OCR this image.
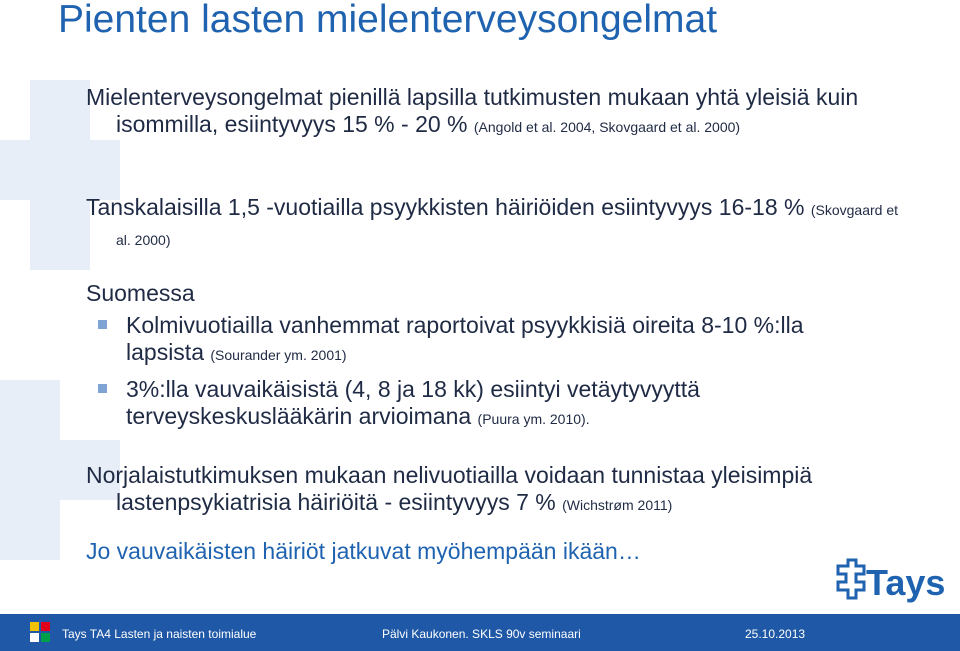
Pienten lasten mielenterveysongelmat
Mielenterveysongelmat pienillä lapsilla tutkimusten mukaan yhtä yleisiä kuin isommilla, esiintyvyys 15 % - 20 % (Angold et al. 2004, Skovgaard et al. 2000)
Tanskalaisilla 1,5 -vuotiailla psyykkisten häiriöiden esiintyvyys 16-18 % (Skovgaard et al. 2000)
Suomessa
Kolmivuotiailla vanhemmat raportoivat psyykkisiä oireita 8-10 %:lla lapsista (Sourander ym. 2001)
3%:lla vauvaikäisistä (4, 8 ja 18 kk) esiintyi vetäytyvyyttä terveyskeskuslääkärin arvioimana (Puura ym. 2010).
Norjalaistutkimuksen mukaan nelivuotiailla voidaan tunnistaa yleisimpiä lastenpsykiatrisia häiriöitä - esiintyvyys 7 % (Wichstrøm 2011)
Jo vauvaikäisten häiriöt jatkuvat myöhempään ikään…
Tays
Tays TA4 Lasten ja naisten toimialue	Pälvi Kaukonen. SKLS 90v seminaari	25.10.2013
